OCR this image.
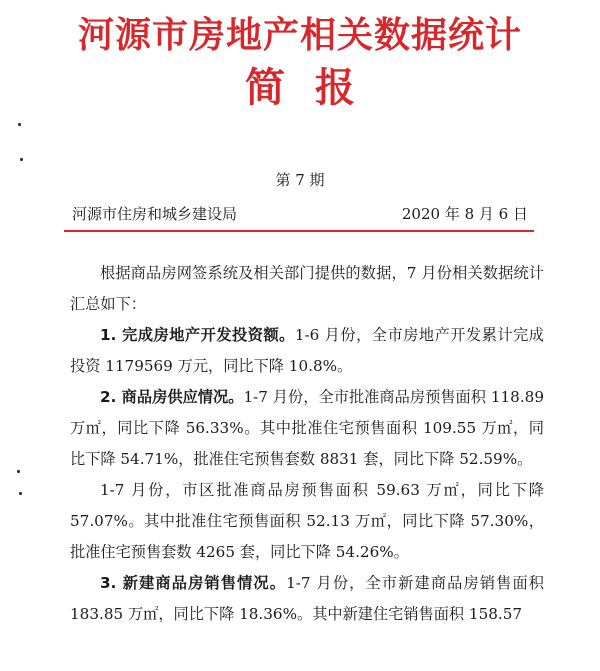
河源市房地产相关数据统计
简报
第 7 期
河源市住房和城乡建设局	2020 年 8 月 6 日

根据商品房网签系统及相关部门提供的数据，7 月份相关数据统计汇总如下：

1. 完成房地产开发投资额。1-6 月份，全市房地产开发累计完成投资 1179569 万元，同比下降 10.8%。

2. 商品房供应情况。1-7 月份，全市批准商品房预售面积 118.89 万㎡，同比下降 56.33%。其中批准住宅预售面积 109.55 万㎡，同比下降 54.71%，批准住宅预售套数 8831 套，同比下降 52.59%。

1-7 月份，市区批准商品房预售面积 59.63 万㎡，同比下降 57.07%。其中批准住宅预售面积 52.13 万㎡，同比下降 57.30%，批准住宅预售套数 4265 套，同比下降 54.26%。

3. 新建商品房销售情况。1-7 月份，全市新建商品房销售面积 183.85 万㎡，同比下降 18.36%。其中新建住宅销售面积 158.57
